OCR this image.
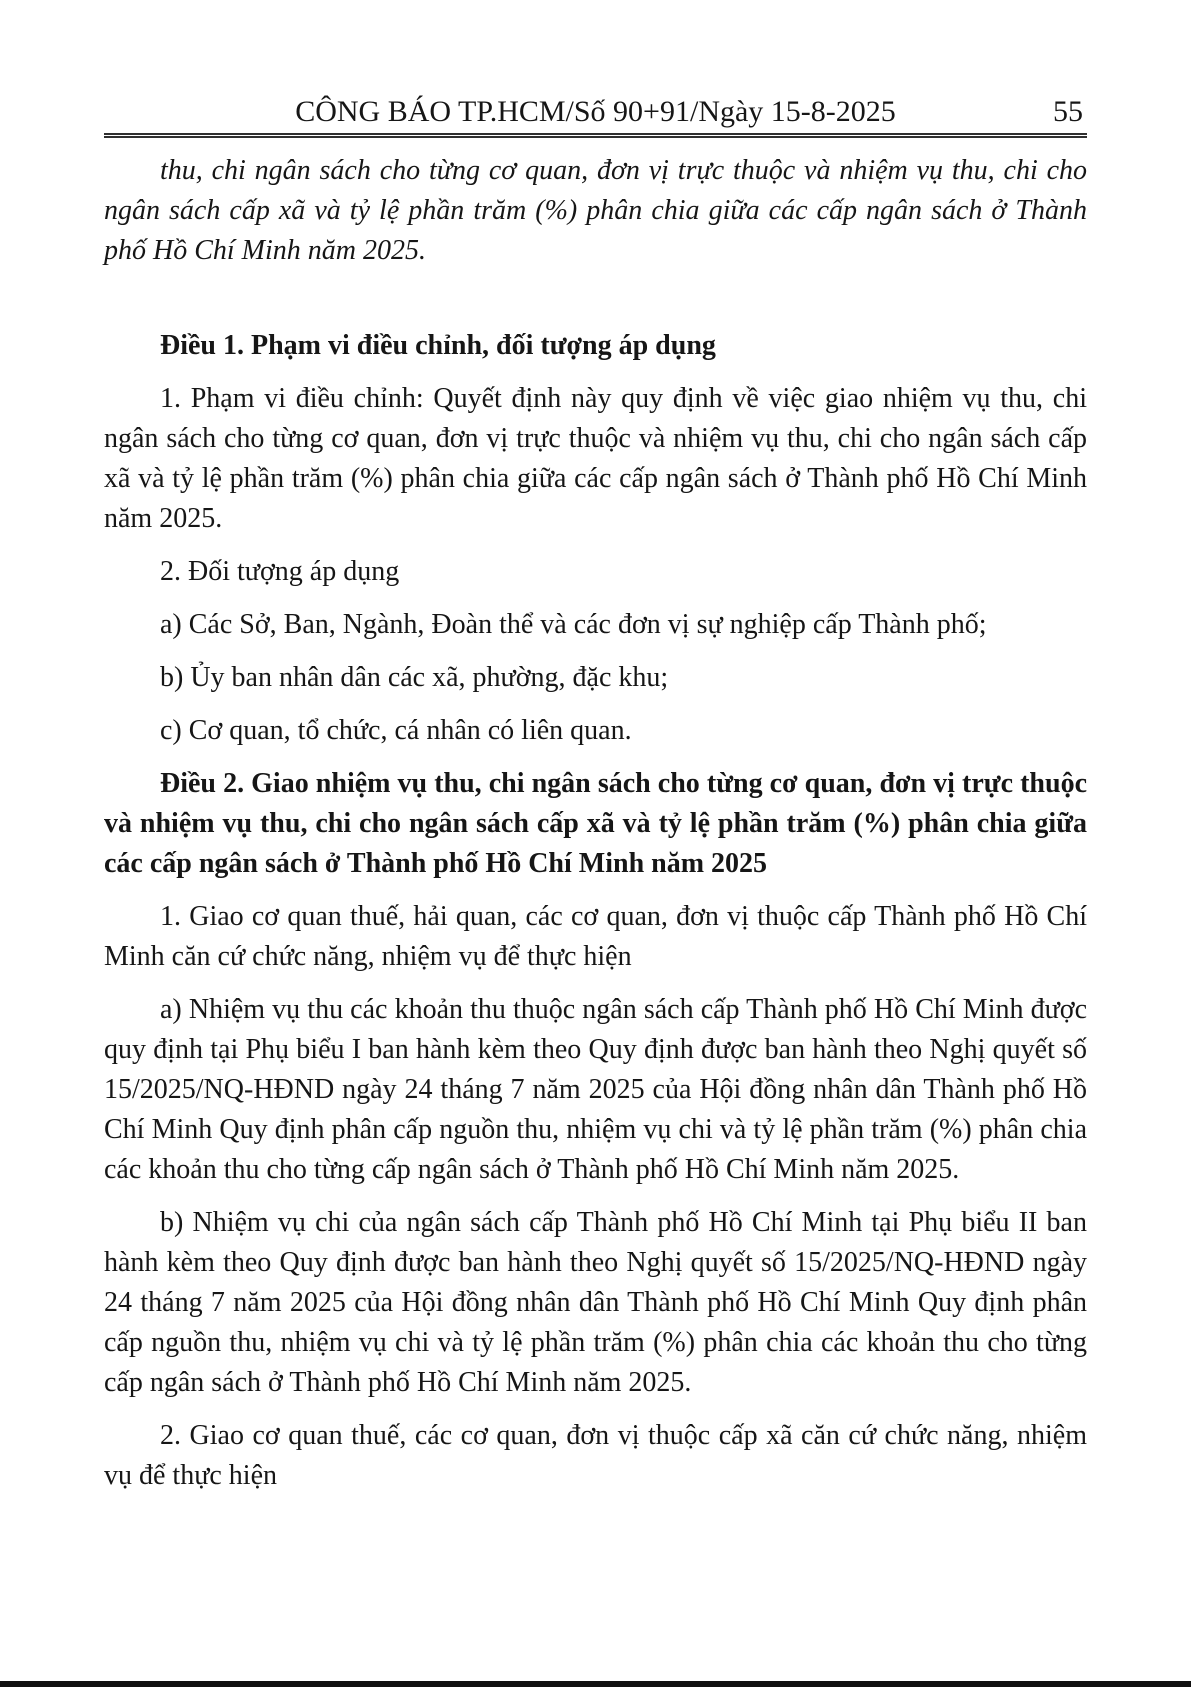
CÔNG BÁO TP.HCM/Số 90+91/Ngày 15-8-2025	55

thu, chi ngân sách cho từng cơ quan, đơn vị trực thuộc và nhiệm vụ thu, chi cho ngân sách cấp xã và tỷ lệ phần trăm (%) phân chia giữa các cấp ngân sách ở Thành phố Hồ Chí Minh năm 2025.

Điều 1. Phạm vi điều chỉnh, đối tượng áp dụng

1. Phạm vi điều chỉnh: Quyết định này quy định về việc giao nhiệm vụ thu, chi ngân sách cho từng cơ quan, đơn vị trực thuộc và nhiệm vụ thu, chi cho ngân sách cấp xã và tỷ lệ phần trăm (%) phân chia giữa các cấp ngân sách ở Thành phố Hồ Chí Minh năm 2025.

2. Đối tượng áp dụng

a) Các Sở, Ban, Ngành, Đoàn thể và các đơn vị sự nghiệp cấp Thành phố;

b) Ủy ban nhân dân các xã, phường, đặc khu;

c) Cơ quan, tổ chức, cá nhân có liên quan.

Điều 2. Giao nhiệm vụ thu, chi ngân sách cho từng cơ quan, đơn vị trực thuộc và nhiệm vụ thu, chi cho ngân sách cấp xã và tỷ lệ phần trăm (%) phân chia giữa các cấp ngân sách ở Thành phố Hồ Chí Minh năm 2025

1. Giao cơ quan thuế, hải quan, các cơ quan, đơn vị thuộc cấp Thành phố Hồ Chí Minh căn cứ chức năng, nhiệm vụ để thực hiện

a) Nhiệm vụ thu các khoản thu thuộc ngân sách cấp Thành phố Hồ Chí Minh được quy định tại Phụ biểu I ban hành kèm theo Quy định được ban hành theo Nghị quyết số 15/2025/NQ-HĐND ngày 24 tháng 7 năm 2025 của Hội đồng nhân dân Thành phố Hồ Chí Minh Quy định phân cấp nguồn thu, nhiệm vụ chi và tỷ lệ phần trăm (%) phân chia các khoản thu cho từng cấp ngân sách ở Thành phố Hồ Chí Minh năm 2025.

b) Nhiệm vụ chi của ngân sách cấp Thành phố Hồ Chí Minh tại Phụ biểu II ban hành kèm theo Quy định được ban hành theo Nghị quyết số 15/2025/NQ-HĐND ngày 24 tháng 7 năm 2025 của Hội đồng nhân dân Thành phố Hồ Chí Minh Quy định phân cấp nguồn thu, nhiệm vụ chi và tỷ lệ phần trăm (%) phân chia các khoản thu cho từng cấp ngân sách ở Thành phố Hồ Chí Minh năm 2025.

2. Giao cơ quan thuế, các cơ quan, đơn vị thuộc cấp xã căn cứ chức năng, nhiệm vụ để thực hiện
